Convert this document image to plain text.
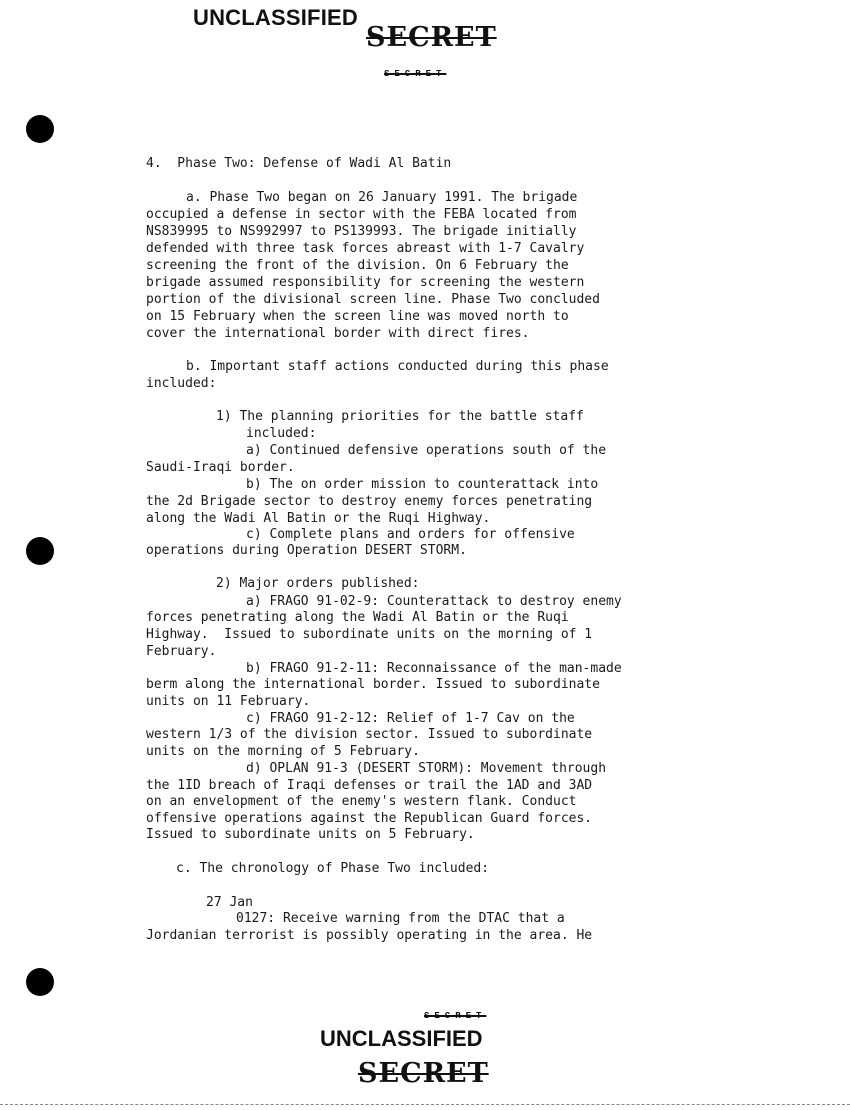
UNCLASSIFIED
SECRET
SECRET

4.  Phase Two: Defense of Wadi Al Batin

a. Phase Two began on 26 January 1991. The brigade

occupied a defense in sector with the FEBA located from

NS839995 to NS992997 to PS139993. The brigade initially

defended with three task forces abreast with 1-7 Cavalry

screening the front of the division. On 6 February the

brigade assumed responsibility for screening the western

portion of the divisional screen line. Phase Two concluded

on 15 February when the screen line was moved north to

cover the international border with direct fires.

b. Important staff actions conducted during this phase

included:

1) The planning priorities for the battle staff

included:

a) Continued defensive operations south of the

Saudi-Iraqi border.

b) The on order mission to counterattack into

the 2d Brigade sector to destroy enemy forces penetrating

along the Wadi Al Batin or the Ruqi Highway.

c) Complete plans and orders for offensive

operations during Operation DESERT STORM.

2) Major orders published:

a) FRAGO 91-02-9: Counterattack to destroy enemy

forces penetrating along the Wadi Al Batin or the Ruqi

Highway.  Issued to subordinate units on the morning of 1

February.

b) FRAGO 91-2-11: Reconnaissance of the man-made

berm along the international border. Issued to subordinate

units on 11 February.

c) FRAGO 91-2-12: Relief of 1-7 Cav on the

western 1/3 of the division sector. Issued to subordinate

units on the morning of 5 February.

d) OPLAN 91-3 (DESERT STORM): Movement through

the 1ID breach of Iraqi defenses or trail the 1AD and 3AD

on an envelopment of the enemy's western flank. Conduct

offensive operations against the Republican Guard forces.

Issued to subordinate units on 5 February.

c. The chronology of Phase Two included:

27 Jan

0127: Receive warning from the DTAC that a

Jordanian terrorist is possibly operating in the area. He

SECRET
UNCLASSIFIED
SECRET
